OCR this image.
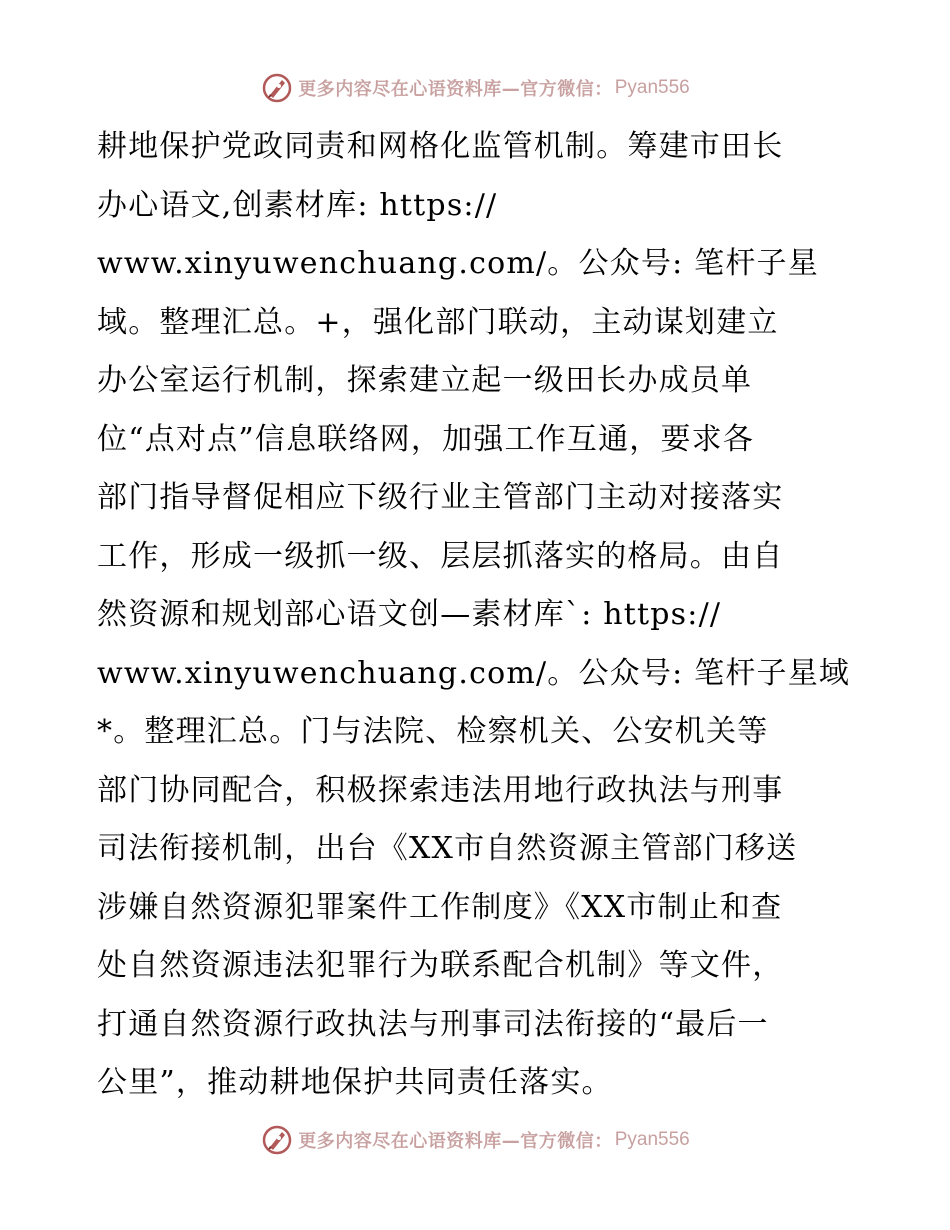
更多内容尽在心语资料库—官方微信： Pyan556
耕地保护党政同责和网格化监管机制。筹建市田长
办心语文,创素材库: https://
www.xinyuwenchuang.com/。公众号: 笔杆子星
域。整理汇总。+，强化部门联动，主动谋划建立
办公室运行机制，探索建立起一级田长办成员单
位“点对点”信息联络网，加强工作互通，要求各
部门指导督促相应下级行业主管部门主动对接落实
工作，形成一级抓一级、层层抓落实的格局。由自
然资源和规划部心语文创—素材库`: https://
www.xinyuwenchuang.com/。公众号: 笔杆子星域
*。整理汇总。门与法院、检察机关、公安机关等
部门协同配合，积极探索违法用地行政执法与刑事
司法衔接机制，出台《XX市自然资源主管部门移送
涉嫌自然资源犯罪案件工作制度》《XX市制止和查
处自然资源违法犯罪行为联系配合机制》等文件，
打通自然资源行政执法与刑事司法衔接的“最后一
公里”，推动耕地保护共同责任落实。
更多内容尽在心语资料库—官方微信： Pyan556
